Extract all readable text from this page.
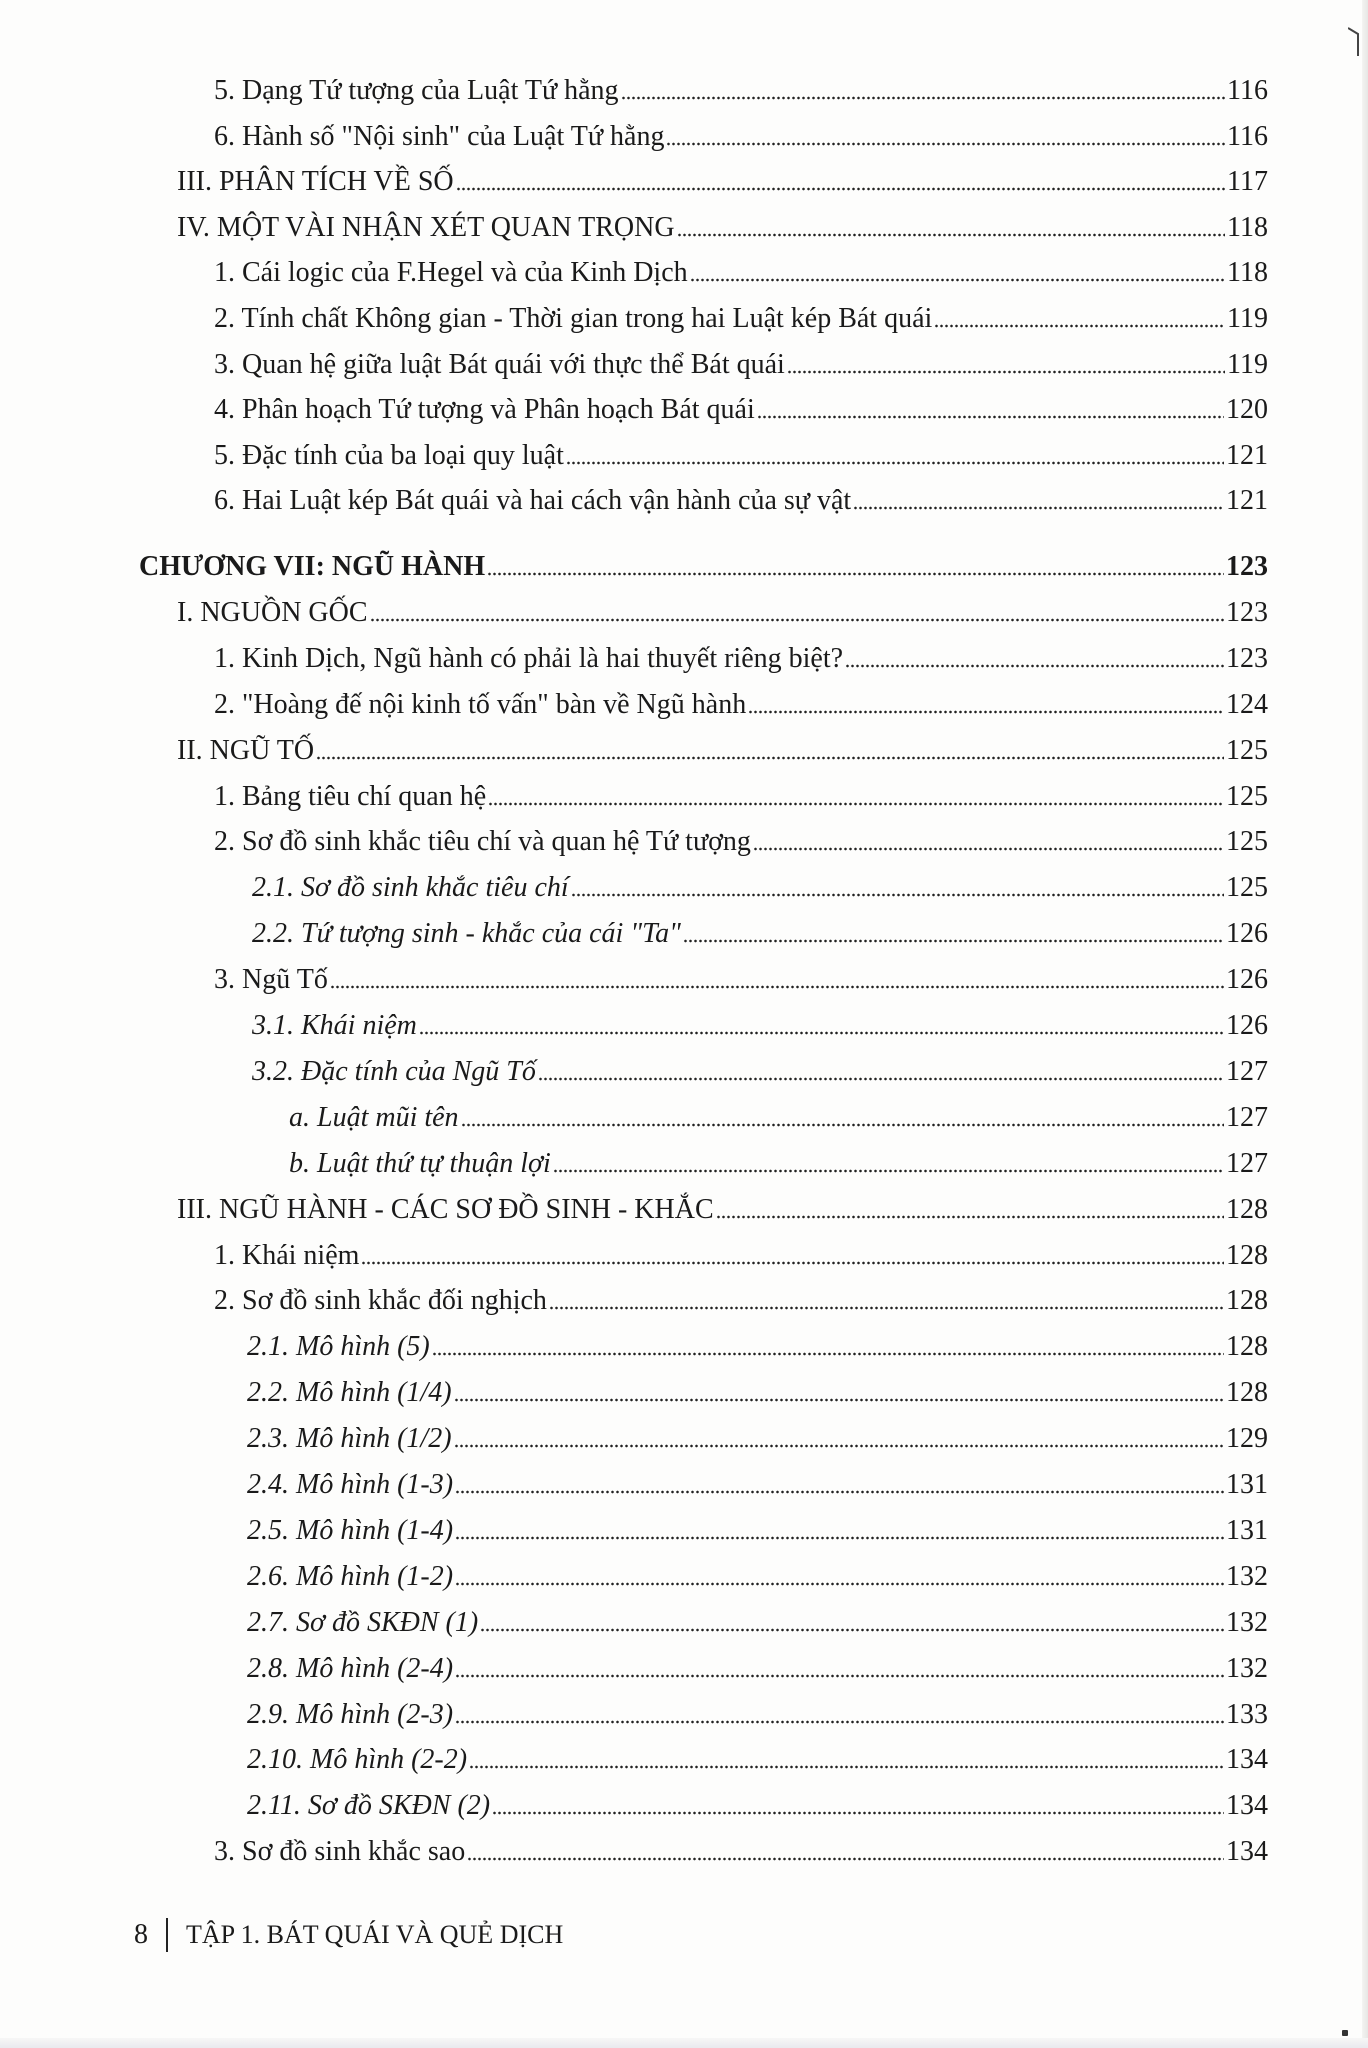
5. Dạng Tứ tượng của Luật Tứ hằng	116
6. Hành số "Nội sinh" của Luật Tứ hằng	116
III. PHÂN TÍCH VỀ SỐ	117
IV. MỘT VÀI NHẬN XÉT QUAN TRỌNG	118
1. Cái logic của F.Hegel và của Kinh Dịch	118
2. Tính chất Không gian - Thời gian trong hai Luật kép Bát quái	119
3. Quan hệ giữa luật Bát quái với thực thể Bát quái	119
4. Phân hoạch Tứ tượng và Phân hoạch Bát quái	120
5. Đặc tính của ba loại quy luật	121
6. Hai Luật kép Bát quái và hai cách vận hành của sự vật	121
CHƯƠNG VII: NGŨ HÀNH	123
I. NGUỒN GỐC	123
1. Kinh Dịch, Ngũ hành có phải là hai thuyết riêng biệt?	123
2. "Hoàng đế nội kinh tố vấn" bàn về Ngũ hành	124
II. NGŨ TỐ	125
1. Bảng tiêu chí quan hệ	125
2. Sơ đồ sinh khắc tiêu chí và quan hệ Tứ tượng	125
2.1. Sơ đồ sinh khắc tiêu chí	125
2.2. Tứ tượng sinh - khắc của cái "Ta"	126
3. Ngũ Tố	126
3.1. Khái niệm	126
3.2. Đặc tính của Ngũ Tố	127
a. Luật mũi tên	127
b. Luật thứ tự thuận lợi	127
III. NGŨ HÀNH - CÁC SƠ ĐỒ SINH - KHẮC	128
1. Khái niệm	128
2. Sơ đồ sinh khắc đối nghịch	128
2.1. Mô hình (5)	128
2.2. Mô hình (1/4)	128
2.3. Mô hình (1/2)	129
2.4. Mô hình (1-3)	131
2.5. Mô hình (1-4)	131
2.6. Mô hình (1-2)	132
2.7. Sơ đồ SKĐN (1)	132
2.8. Mô hình (2-4)	132
2.9. Mô hình (2-3)	133
2.10. Mô hình (2-2)	134
2.11. Sơ đồ SKĐN (2)	134
3. Sơ đồ sinh khắc sao	134
8 TẬP 1. BÁT QUÁI VÀ QUẺ DỊCH
